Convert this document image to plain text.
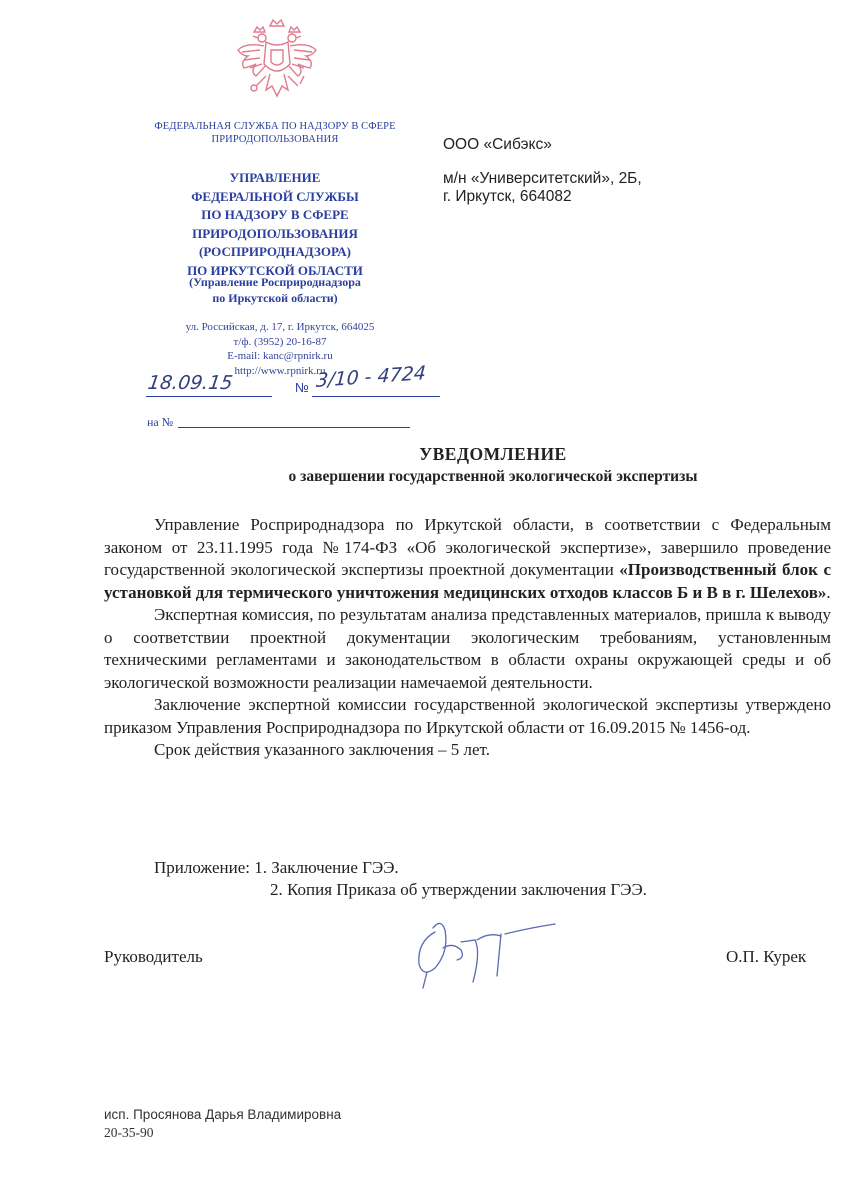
ФЕДЕРАЛЬНАЯ СЛУЖБА ПО НАДЗОРУ В СФЕРЕ
ПРИРОДОПОЛЬЗОВАНИЯ
УПРАВЛЕНИЕ
ФЕДЕРАЛЬНОЙ СЛУЖБЫ
ПО НАДЗОРУ В СФЕРЕ
ПРИРОДОПОЛЬЗОВАНИЯ
(РОСПРИРОДНАДЗОРА)
ПО ИРКУТСКОЙ ОБЛАСТИ
(Управление Росприроднадзора
по Иркутской области)
ул. Российская, д. 17, г. Иркутск, 664025
т/ф. (3952) 20-16-87
E-mail: kanc@rpnirk.ru
http://www.rpnirk.ru
18.09.15	№ 3/10 - 4724
на №
ООО «Сибэкс»
м/н «Университетский», 2Б,
г. Иркутск, 664082
УВЕДОМЛЕНИЕ
о завершении государственной экологической экспертизы

Управление Росприроднадзора по Иркутской области, в соответствии с Федеральным законом от 23.11.1995 года №174-ФЗ «Об экологической экспертизе», завершило проведение государственной экологической экспертизы проектной документации «Производственный блок с установкой для термического уничтожения медицинских отходов классов Б и В в г. Шелехов».

Экспертная комиссия, по результатам анализа представленных материалов, пришла к выводу о соответствии проектной документации экологическим требованиям, установленным техническими регламентами и законодательством в области охраны окружающей среды и об экологической возможности реализации намечаемой деятельности.

Заключение экспертной комиссии государственной экологической экспертизы утверждено приказом Управления Росприроднадзора по Иркутской области от 16.09.2015 № 1456-од.

Срок действия указанного заключения – 5 лет.

Приложение: 1. Заключение ГЭЭ.
2. Копия Приказа об утверждении заключения ГЭЭ.
Руководитель	О.П. Курек
исп. Просянова Дарья Владимировна
20-35-90
